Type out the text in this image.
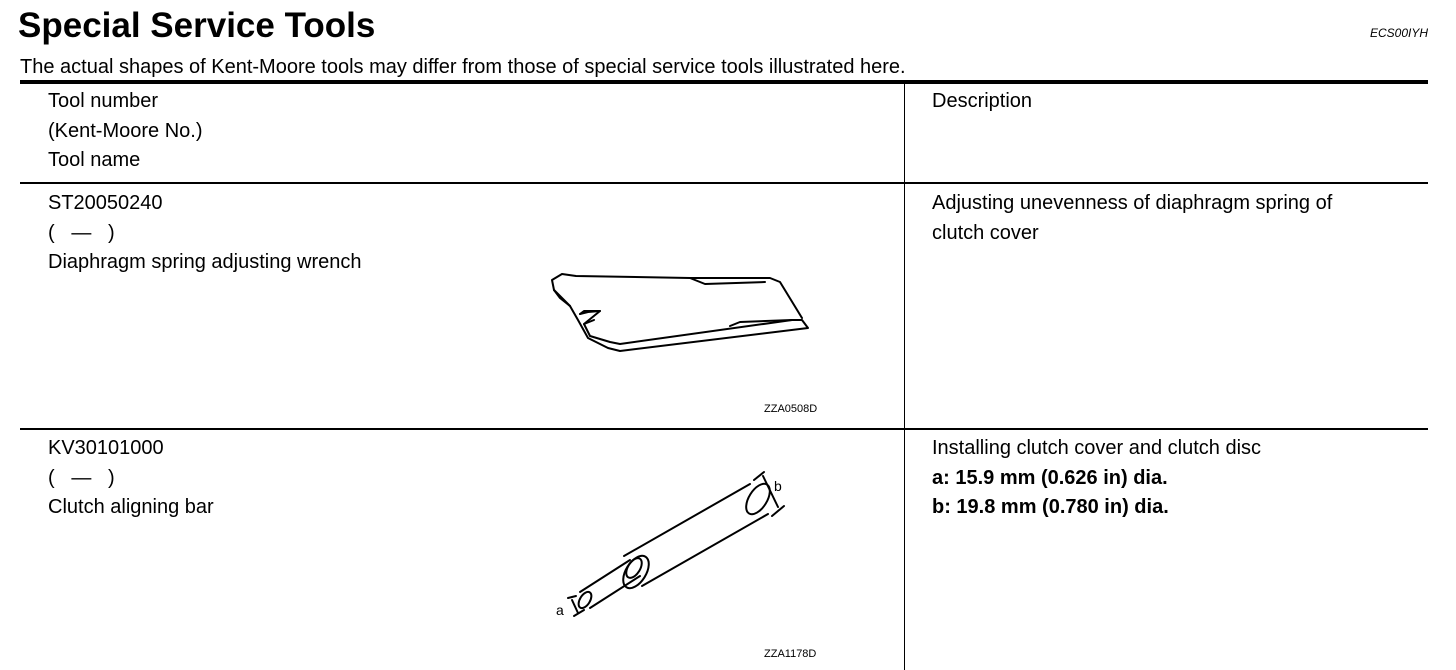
Special Service Tools	ECS00IYH
The actual shapes of Kent-Moore tools may differ from those of special service tools illustrated here.
Tool number
(Kent-Moore No.)
Tool name
Description
ST20050240
(   —   )
Diaphragm spring adjusting wrench
Adjusting unevenness of diaphragm spring of
clutch cover
ZZA0508D
KV30101000
(   —   )
Clutch aligning bar
Installing clutch cover and clutch disc
a: 15.9 mm (0.626 in) dia.
b: 19.8 mm (0.780 in) dia.
b
a
ZZA1178D
